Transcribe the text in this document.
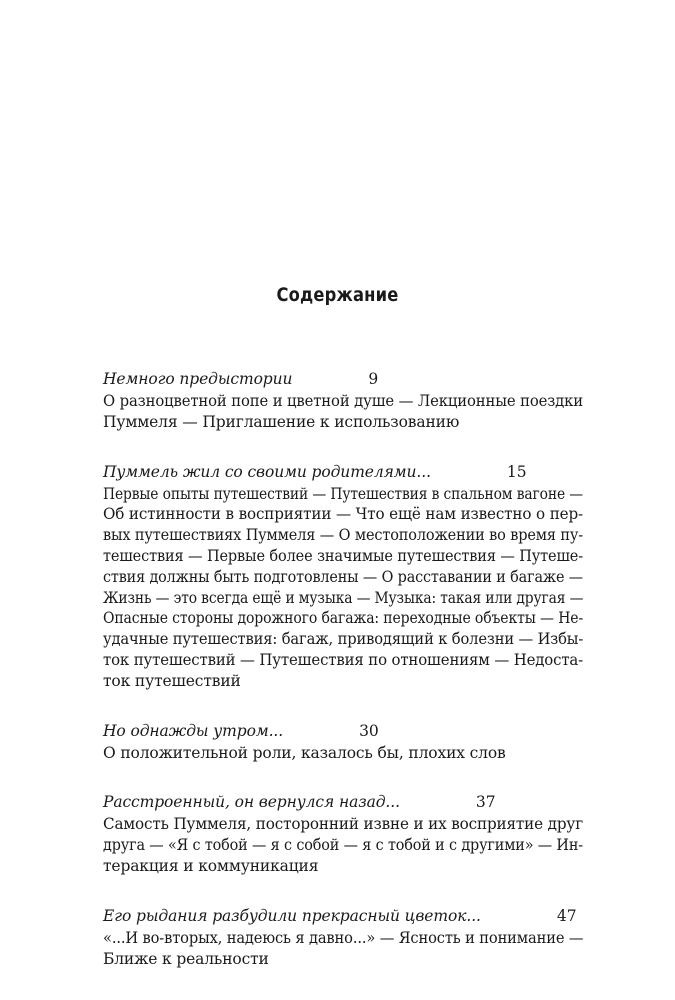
Содержание
Немного предыстории	9
О разноцветной попе и цветной душе — Лекционные поездки
Пуммеля — Приглашение к использованию
Пуммель жил со своими родителями...	15
Первые опыты путешествий — Путешествия в спальном вагоне —
Об истинности в восприятии — Что ещё нам известно о пер-
вых путешествиях Пуммеля — О местоположении во время пу-
тешествия — Первые более значимые путешествия — Путеше-
ствия должны быть подготовлены — О расставании и багаже —
Жизнь — это всегда ещё и музыка — Музыка: такая или другая —
Опасные стороны дорожного багажа: переходные объекты — Не-
удачные путешествия: багаж, приводящий к болезни — Избы-
ток путешествий — Путешествия по отношениям — Недоста-
ток путешествий
Но однажды утром...	30
О положительной роли, казалось бы, плохих слов
Расстроенный, он вернулся назад...	37
Самость Пуммеля, посторонний извне и их восприятие друг
друга — «Я с тобой — я с собой — я с тобой и с другими» — Ин-
теракция и коммуникация
Его рыдания разбудили прекрасный цветок...	47
«...И во-вторых, надеюсь я давно...» — Ясность и понимание —
Ближе к реальности
